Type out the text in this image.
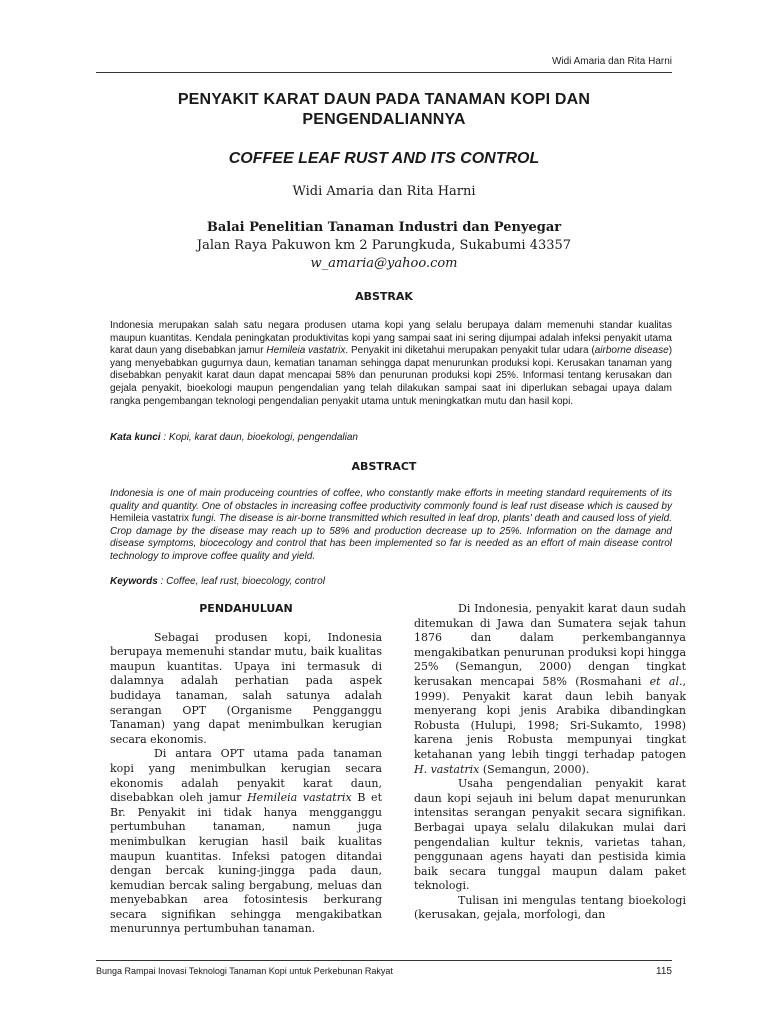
Widi Amaria dan Rita Harni
PENYAKIT KARAT DAUN PADA TANAMAN KOPI DAN
PENGENDALIANNYA
COFFEE LEAF RUST AND ITS CONTROL
Widi Amaria dan Rita Harni
Balai Penelitian Tanaman Industri dan Penyegar
Jalan Raya Pakuwon km 2 Parungkuda, Sukabumi 43357
w_amaria@yahoo.com
ABSTRAK
Indonesia merupakan salah satu negara produsen utama kopi yang selalu berupaya dalam memenuhi standar kualitas maupun kuantitas. Kendala peningkatan produktivitas kopi yang sampai saat ini sering dijumpai adalah infeksi penyakit utama karat daun yang disebabkan jamur Hemileia vastatrix. Penyakit ini diketahui merupakan penyakit tular udara (airborne disease) yang menyebabkan gugurnya daun, kematian tanaman sehingga dapat menurunkan produksi kopi. Kerusakan tanaman yang disebabkan penyakit karat daun dapat mencapai 58% dan penurunan produksi kopi 25%. Informasi tentang kerusakan dan gejala penyakit, bioekologi maupun pengendalian yang telah dilakukan sampai saat ini diperlukan sebagai upaya dalam rangka pengembangan teknologi pengendalian penyakit utama untuk meningkatkan mutu dan hasil kopi.
Kata kunci : Kopi, karat daun, bioekologi, pengendalian
ABSTRACT
Indonesia is one of main produceing countries of coffee, who constantly make efforts in meeting standard requirements of its quality and quantity. One of obstacles in increasing coffee productivity commonly found is leaf rust disease which is caused by Hemileia vastatrix fungi. The disease is air-borne transmitted which resulted in leaf drop, plants' death and caused loss of yield. Crop damage by the disease may reach up to 58% and production decrease up to 25%. Information on the damage and disease symptoms, biocecology and control that has been implemented so far is needed as an effort of main disease control technology to improve coffee quality and yield.
Keywords : Coffee, leaf rust, bioecology, control
PENDAHULUAN

Sebagai produsen kopi, Indonesia berupaya memenuhi standar mutu, baik kualitas maupun kuantitas. Upaya ini termasuk di dalamnya adalah perhatian pada aspek budidaya tanaman, salah satunya adalah serangan OPT (Organisme Pengganggu Tanaman) yang dapat menimbulkan kerugian secara ekonomis.

Di antara OPT utama pada tanaman kopi yang menimbulkan kerugian secara ekonomis adalah penyakit karat daun, disebabkan oleh jamur Hemileia vastatrix B et Br. Penyakit ini tidak hanya mengganggu pertumbuhan tanaman, namun juga menimbulkan kerugian hasil baik kualitas maupun kuantitas. Infeksi patogen ditandai dengan bercak kuning-jingga pada daun, kemudian bercak saling bergabung, meluas dan menyebabkan area fotosintesis berkurang secara signifikan sehingga mengakibatkan menurunnya pertumbuhan tanaman.

Di Indonesia, penyakit karat daun sudah ditemukan di Jawa dan Sumatera sejak tahun 1876 dan dalam perkembangannya mengakibatkan penurunan produksi kopi hingga 25% (Semangun, 2000) dengan tingkat kerusakan mencapai 58% (Rosmahani et al., 1999). Penyakit karat daun lebih banyak menyerang kopi jenis Arabika dibandingkan Robusta (Hulupi, 1998; Sri-Sukamto, 1998) karena jenis Robusta mempunyai tingkat ketahanan yang lebih tinggi terhadap patogen H. vastatrix (Semangun, 2000).

Usaha pengendalian penyakit karat daun kopi sejauh ini belum dapat menurunkan intensitas serangan penyakit secara signifikan. Berbagai upaya selalu dilakukan mulai dari pengendalian kultur teknis, varietas tahan, penggunaan agens hayati dan pestisida kimia baik secara tunggal maupun dalam paket teknologi.

Tulisan ini mengulas tentang bioekologi (kerusakan, gejala, morfologi, dan

Bunga Rampai Inovasi Teknologi Tanaman Kopi untuk Perkebunan Rakyat	115
